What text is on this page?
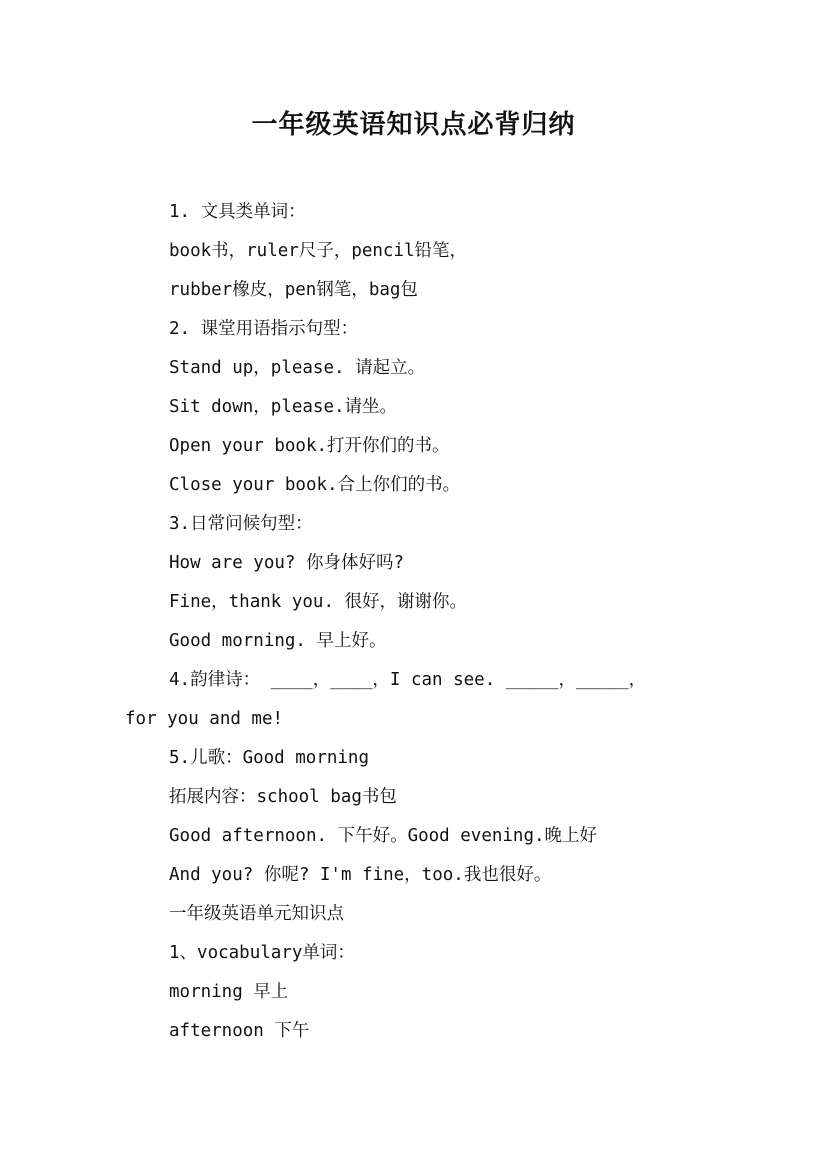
一年级英语知识点必背归纳
1. 文具类单词：
book书，ruler尺子，pencil铅笔，
rubber橡皮，pen钢笔，bag包
2. 课堂用语指示句型：
Stand up，please. 请起立。
Sit down，please.请坐。
Open your book.打开你们的书。
Close your book.合上你们的书。
3.日常问候句型：
How are you? 你身体好吗?
Fine，thank you. 很好，谢谢你。
Good morning. 早上好。
4.韵律诗： ____，____，I can see. _____，_____，
for you and me!
5.儿歌：Good morning
拓展内容：school bag书包
Good afternoon. 下午好。Good evening.晚上好
And you? 你呢? I'm fine，too.我也很好。
一年级英语单元知识点
1、vocabulary单词：
morning 早上
afternoon 下午
